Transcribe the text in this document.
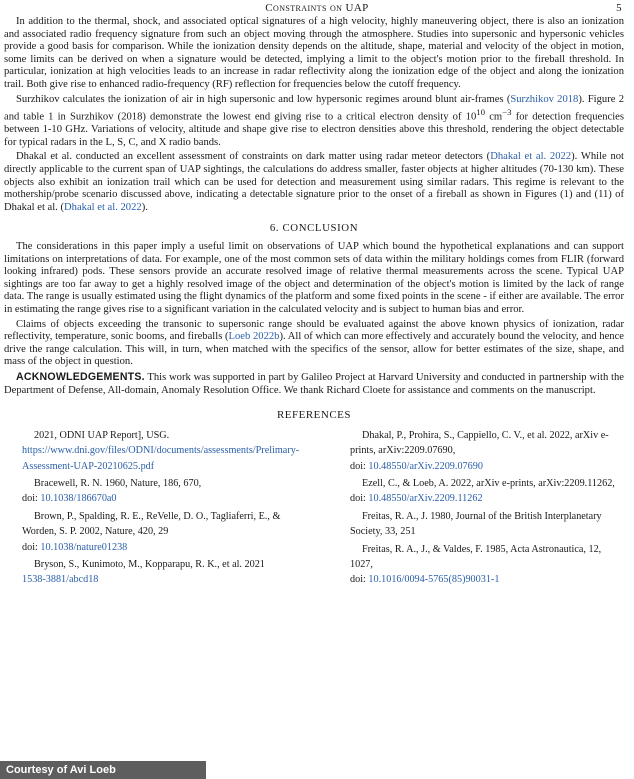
Constraints on UAP	5

In addition to the thermal, shock, and associated optical signatures of a high velocity, highly maneuvering object, there is also an ionization and associated radio frequency signature from such an object moving through the atmosphere. Studies into supersonic and hypersonic vehicles provide a good basis for comparison. While the ionization density depends on the altitude, shape, material and velocity of the object in motion, some limits can be derived on when a signature would be detected, implying a limit to the object's motion prior to the fireball threshold. In particular, ionization at high velocities leads to an increase in radar reflectivity along the ionization edge of the object and along the ionization trail. Both give rise to enhanced radio-frequency (RF) reflection for frequencies below the cutoff frequency.

Surzhikov calculates the ionization of air in high supersonic and low hypersonic regimes around blunt air-frames (Surzhikov 2018). Figure 2 and table 1 in Surzhikov (2018) demonstrate the lowest end giving rise to a critical electron density of $10^{10}$ $cm^{-3}$ for detection frequencies between 1-10 GHz. Variations of velocity, altitude and shape give rise to electron densities above this threshold, rendering the object detectable for typical radars in the L, S, C, and X radio bands.

Dhakal et al. conducted an excellent assessment of constraints on dark matter using radar meteor detectors (Dhakal et al. 2022). While not directly applicable to the current span of UAP sightings, the calculations do address smaller, faster objects at higher altitudes (70-130 km). These objects also exhibit an ionization trail which can be used for detection and measurement using similar radars. This regime is relevant to the mothership/probe scenario discussed above, indicating a detectable signature prior to the onset of a fireball as shown in Figures (1) and (11) of Dhakal et al. (Dhakal et al. 2022).

6. CONCLUSION

The considerations in this paper imply a useful limit on observations of UAP which bound the hypothetical explanations and can support limitations on interpretations of data. For example, one of the most common sets of data within the military holdings comes from FLIR (forward looking infrared) pods. These sensors provide an accurate resolved image of relative thermal measurements across the scene. Typical UAP sightings are too far away to get a highly resolved image of the object and determination of the object's motion is limited by the lack of range data. The range is usually estimated using the flight dynamics of the platform and some fixed points in the scene - if either are available. The error in estimating the range gives rise to a significant variation in the calculated velocity and is subject to human bias and error.

Claims of objects exceeding the transonic to supersonic range should be evaluated against the above known physics of ionization, radar reflectivity, temperature, sonic booms, and fireballs (Loeb 2022b). All of which can more effectively and accurately bound the velocity, and hence drive the range calculation. This will, in turn, when matched with the specifics of the sensor, allow for better estimates of the size, shape, and mass of the object in question.

ACKNOWLEDGEMENTS. This work was supported in part by Galileo Project at Harvard University and conducted in partnership with the Department of Defense, All-domain, Anomaly Resolution Office. We thank Richard Cloete for assistance and comments on the manuscript.

REFERENCES

2021, ODNI UAP Report], USG.
https://www.dni.gov/files/ODNI/documents/assessments/Prelimary-Assessment-UAP-20210625.pdf

Bracewell, R. N. 1960, Nature, 186, 670,
doi: 10.1038/186670a0

Brown, P., Spalding, R. E., ReVelle, D. O., Tagliaferri, E., & Worden, S. P. 2002, Nature, 420, 29
doi: 10.1038/nature01238

Bryson, S., Kunimoto, M., Kopparapu, R. K., et al. 2021
1538-3881/abcd18

Dhakal, P., Prohira, S., Cappiello, C. V., et al. 2022, arXiv e-prints, arXiv:2209.07690,
doi: 10.48550/arXiv.2209.07690

Ezell, C., & Loeb, A. 2022, arXiv e-prints, arXiv:2209.11262, doi: 10.48550/arXiv.2209.11262

Freitas, R. A., J. 1980, Journal of the British Interplanetary Society, 33, 251

Freitas, R. A., J., & Valdes, F. 1985, Acta Astronautica, 12, 1027,
doi: 10.1016/0094-5765(85)90031-1

Courtesy of Avi Loeb
